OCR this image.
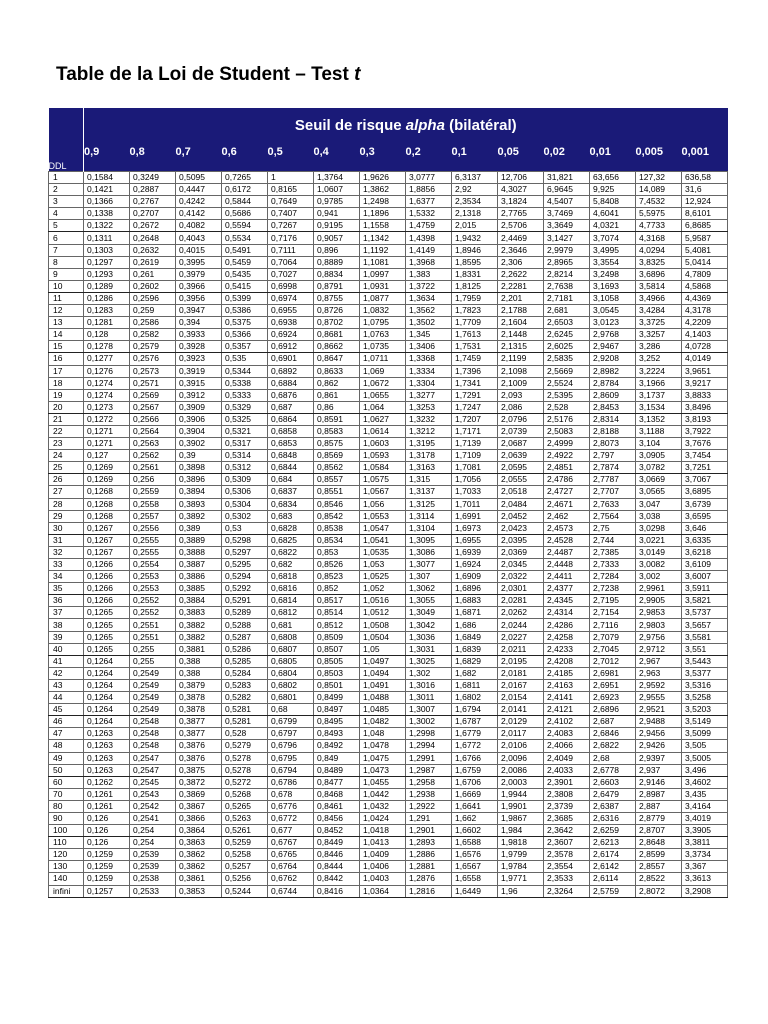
Table de la Loi de Student – Test t
	Seuil de risque alpha (bilatéral)													
	0,9	0,8	0,7	0,6	0,5	0,4	0,3	0,2	0,1	0,05	0,02	0,01	0,005	0,001
DDL														
1	0,1584	0,3249	0,5095	0,7265	1	1,3764	1,9626	3,0777	6,3137	12,706	31,821	63,656	127,32	636,58
2	0,1421	0,2887	0,4447	0,6172	0,8165	1,0607	1,3862	1,8856	2,92	4,3027	6,9645	9,925	14,089	31,6
3	0,1366	0,2767	0,4242	0,5844	0,7649	0,9785	1,2498	1,6377	2,3534	3,1824	4,5407	5,8408	7,4532	12,924
4	0,1338	0,2707	0,4142	0,5686	0,7407	0,941	1,1896	1,5332	2,1318	2,7765	3,7469	4,6041	5,5975	8,6101
5	0,1322	0,2672	0,4082	0,5594	0,7267	0,9195	1,1558	1,4759	2,015	2,5706	3,3649	4,0321	4,7733	6,8685
6	0,1311	0,2648	0,4043	0,5534	0,7176	0,9057	1,1342	1,4398	1,9432	2,4469	3,1427	3,7074	4,3168	5,9587
7	0,1303	0,2632	0,4015	0,5491	0,7111	0,896	1,1192	1,4149	1,8946	2,3646	2,9979	3,4995	4,0294	5,4081
8	0,1297	0,2619	0,3995	0,5459	0,7064	0,8889	1,1081	1,3968	1,8595	2,306	2,8965	3,3554	3,8325	5,0414
9	0,1293	0,261	0,3979	0,5435	0,7027	0,8834	1,0997	1,383	1,8331	2,2622	2,8214	3,2498	3,6896	4,7809
10	0,1289	0,2602	0,3966	0,5415	0,6998	0,8791	1,0931	1,3722	1,8125	2,2281	2,7638	3,1693	3,5814	4,5868
11	0,1286	0,2596	0,3956	0,5399	0,6974	0,8755	1,0877	1,3634	1,7959	2,201	2,7181	3,1058	3,4966	4,4369
12	0,1283	0,259	0,3947	0,5386	0,6955	0,8726	1,0832	1,3562	1,7823	2,1788	2,681	3,0545	3,4284	4,3178
13	0,1281	0,2586	0,394	0,5375	0,6938	0,8702	1,0795	1,3502	1,7709	2,1604	2,6503	3,0123	3,3725	4,2209
14	0,128	0,2582	0,3933	0,5366	0,6924	0,8681	1,0763	1,345	1,7613	2,1448	2,6245	2,9768	3,3257	4,1403
15	0,1278	0,2579	0,3928	0,5357	0,6912	0,8662	1,0735	1,3406	1,7531	2,1315	2,6025	2,9467	3,286	4,0728
16	0,1277	0,2576	0,3923	0,535	0,6901	0,8647	1,0711	1,3368	1,7459	2,1199	2,5835	2,9208	3,252	4,0149
17	0,1276	0,2573	0,3919	0,5344	0,6892	0,8633	1,069	1,3334	1,7396	2,1098	2,5669	2,8982	3,2224	3,9651
18	0,1274	0,2571	0,3915	0,5338	0,6884	0,862	1,0672	1,3304	1,7341	2,1009	2,5524	2,8784	3,1966	3,9217
19	0,1274	0,2569	0,3912	0,5333	0,6876	0,861	1,0655	1,3277	1,7291	2,093	2,5395	2,8609	3,1737	3,8833
20	0,1273	0,2567	0,3909	0,5329	0,687	0,86	1,064	1,3253	1,7247	2,086	2,528	2,8453	3,1534	3,8496
21	0,1272	0,2566	0,3906	0,5325	0,6864	0,8591	1,0627	1,3232	1,7207	2,0796	2,5176	2,8314	3,1352	3,8193
22	0,1271	0,2564	0,3904	0,5321	0,6858	0,8583	1,0614	1,3212	1,7171	2,0739	2,5083	2,8188	3,1188	3,7922
23	0,1271	0,2563	0,3902	0,5317	0,6853	0,8575	1,0603	1,3195	1,7139	2,0687	2,4999	2,8073	3,104	3,7676
24	0,127	0,2562	0,39	0,5314	0,6848	0,8569	1,0593	1,3178	1,7109	2,0639	2,4922	2,797	3,0905	3,7454
25	0,1269	0,2561	0,3898	0,5312	0,6844	0,8562	1,0584	1,3163	1,7081	2,0595	2,4851	2,7874	3,0782	3,7251
26	0,1269	0,256	0,3896	0,5309	0,684	0,8557	1,0575	1,315	1,7056	2,0555	2,4786	2,7787	3,0669	3,7067
27	0,1268	0,2559	0,3894	0,5306	0,6837	0,8551	1,0567	1,3137	1,7033	2,0518	2,4727	2,7707	3,0565	3,6895
28	0,1268	0,2558	0,3893	0,5304	0,6834	0,8546	1,056	1,3125	1,7011	2,0484	2,4671	2,7633	3,047	3,6739
29	0,1268	0,2557	0,3892	0,5302	0,683	0,8542	1,0553	1,3114	1,6991	2,0452	2,462	2,7564	3,038	3,6595
30	0,1267	0,2556	0,389	0,53	0,6828	0,8538	1,0547	1,3104	1,6973	2,0423	2,4573	2,75	3,0298	3,646
31	0,1267	0,2555	0,3889	0,5298	0,6825	0,8534	1,0541	1,3095	1,6955	2,0395	2,4528	2,744	3,0221	3,6335
32	0,1267	0,2555	0,3888	0,5297	0,6822	0,853	1,0535	1,3086	1,6939	2,0369	2,4487	2,7385	3,0149	3,6218
33	0,1266	0,2554	0,3887	0,5295	0,682	0,8526	1,053	1,3077	1,6924	2,0345	2,4448	2,7333	3,0082	3,6109
34	0,1266	0,2553	0,3886	0,5294	0,6818	0,8523	1,0525	1,307	1,6909	2,0322	2,4411	2,7284	3,002	3,6007
35	0,1266	0,2553	0,3885	0,5292	0,6816	0,852	1,052	1,3062	1,6896	2,0301	2,4377	2,7238	2,9961	3,5911
36	0,1266	0,2552	0,3884	0,5291	0,6814	0,8517	1,0516	1,3055	1,6883	2,0281	2,4345	2,7195	2,9905	3,5821
37	0,1265	0,2552	0,3883	0,5289	0,6812	0,8514	1,0512	1,3049	1,6871	2,0262	2,4314	2,7154	2,9853	3,5737
38	0,1265	0,2551	0,3882	0,5288	0,681	0,8512	1,0508	1,3042	1,686	2,0244	2,4286	2,7116	2,9803	3,5657
39	0,1265	0,2551	0,3882	0,5287	0,6808	0,8509	1,0504	1,3036	1,6849	2,0227	2,4258	2,7079	2,9756	3,5581
40	0,1265	0,255	0,3881	0,5286	0,6807	0,8507	1,05	1,3031	1,6839	2,0211	2,4233	2,7045	2,9712	3,551
41	0,1264	0,255	0,388	0,5285	0,6805	0,8505	1,0497	1,3025	1,6829	2,0195	2,4208	2,7012	2,967	3,5443
42	0,1264	0,2549	0,388	0,5284	0,6804	0,8503	1,0494	1,302	1,682	2,0181	2,4185	2,6981	2,963	3,5377
43	0,1264	0,2549	0,3879	0,5283	0,6802	0,8501	1,0491	1,3016	1,6811	2,0167	2,4163	2,6951	2,9592	3,5316
44	0,1264	0,2549	0,3878	0,5282	0,6801	0,8499	1,0488	1,3011	1,6802	2,0154	2,4141	2,6923	2,9555	3,5258
45	0,1264	0,2549	0,3878	0,5281	0,68	0,8497	1,0485	1,3007	1,6794	2,0141	2,4121	2,6896	2,9521	3,5203
46	0,1264	0,2548	0,3877	0,5281	0,6799	0,8495	1,0482	1,3002	1,6787	2,0129	2,4102	2,687	2,9488	3,5149
47	0,1263	0,2548	0,3877	0,528	0,6797	0,8493	1,048	1,2998	1,6779	2,0117	2,4083	2,6846	2,9456	3,5099
48	0,1263	0,2548	0,3876	0,5279	0,6796	0,8492	1,0478	1,2994	1,6772	2,0106	2,4066	2,6822	2,9426	3,505
49	0,1263	0,2547	0,3876	0,5278	0,6795	0,849	1,0475	1,2991	1,6766	2,0096	2,4049	2,68	2,9397	3,5005
50	0,1263	0,2547	0,3875	0,5278	0,6794	0,8489	1,0473	1,2987	1,6759	2,0086	2,4033	2,6778	2,937	3,496
60	0,1262	0,2545	0,3872	0,5272	0,6786	0,8477	1,0455	1,2958	1,6706	2,0003	2,3901	2,6603	2,9146	3,4602
70	0,1261	0,2543	0,3869	0,5268	0,678	0,8468	1,0442	1,2938	1,6669	1,9944	2,3808	2,6479	2,8987	3,435
80	0,1261	0,2542	0,3867	0,5265	0,6776	0,8461	1,0432	1,2922	1,6641	1,9901	2,3739	2,6387	2,887	3,4164
90	0,126	0,2541	0,3866	0,5263	0,6772	0,8456	1,0424	1,291	1,662	1,9867	2,3685	2,6316	2,8779	3,4019
100	0,126	0,254	0,3864	0,5261	0,677	0,8452	1,0418	1,2901	1,6602	1,984	2,3642	2,6259	2,8707	3,3905
110	0,126	0,254	0,3863	0,5259	0,6767	0,8449	1,0413	1,2893	1,6588	1,9818	2,3607	2,6213	2,8648	3,3811
120	0,1259	0,2539	0,3862	0,5258	0,6765	0,8446	1,0409	1,2886	1,6576	1,9799	2,3578	2,6174	2,8599	3,3734
130	0,1259	0,2539	0,3862	0,5257	0,6764	0,8444	1,0406	1,2881	1,6567	1,9784	2,3554	2,6142	2,8557	3,367
140	0,1259	0,2538	0,3861	0,5256	0,6762	0,8442	1,0403	1,2876	1,6558	1,9771	2,3533	2,6114	2,8522	3,3613
infini	0,1257	0,2533	0,3853	0,5244	0,6744	0,8416	1,0364	1,2816	1,6449	1,96	2,3264	2,5759	2,8072	3,2908
